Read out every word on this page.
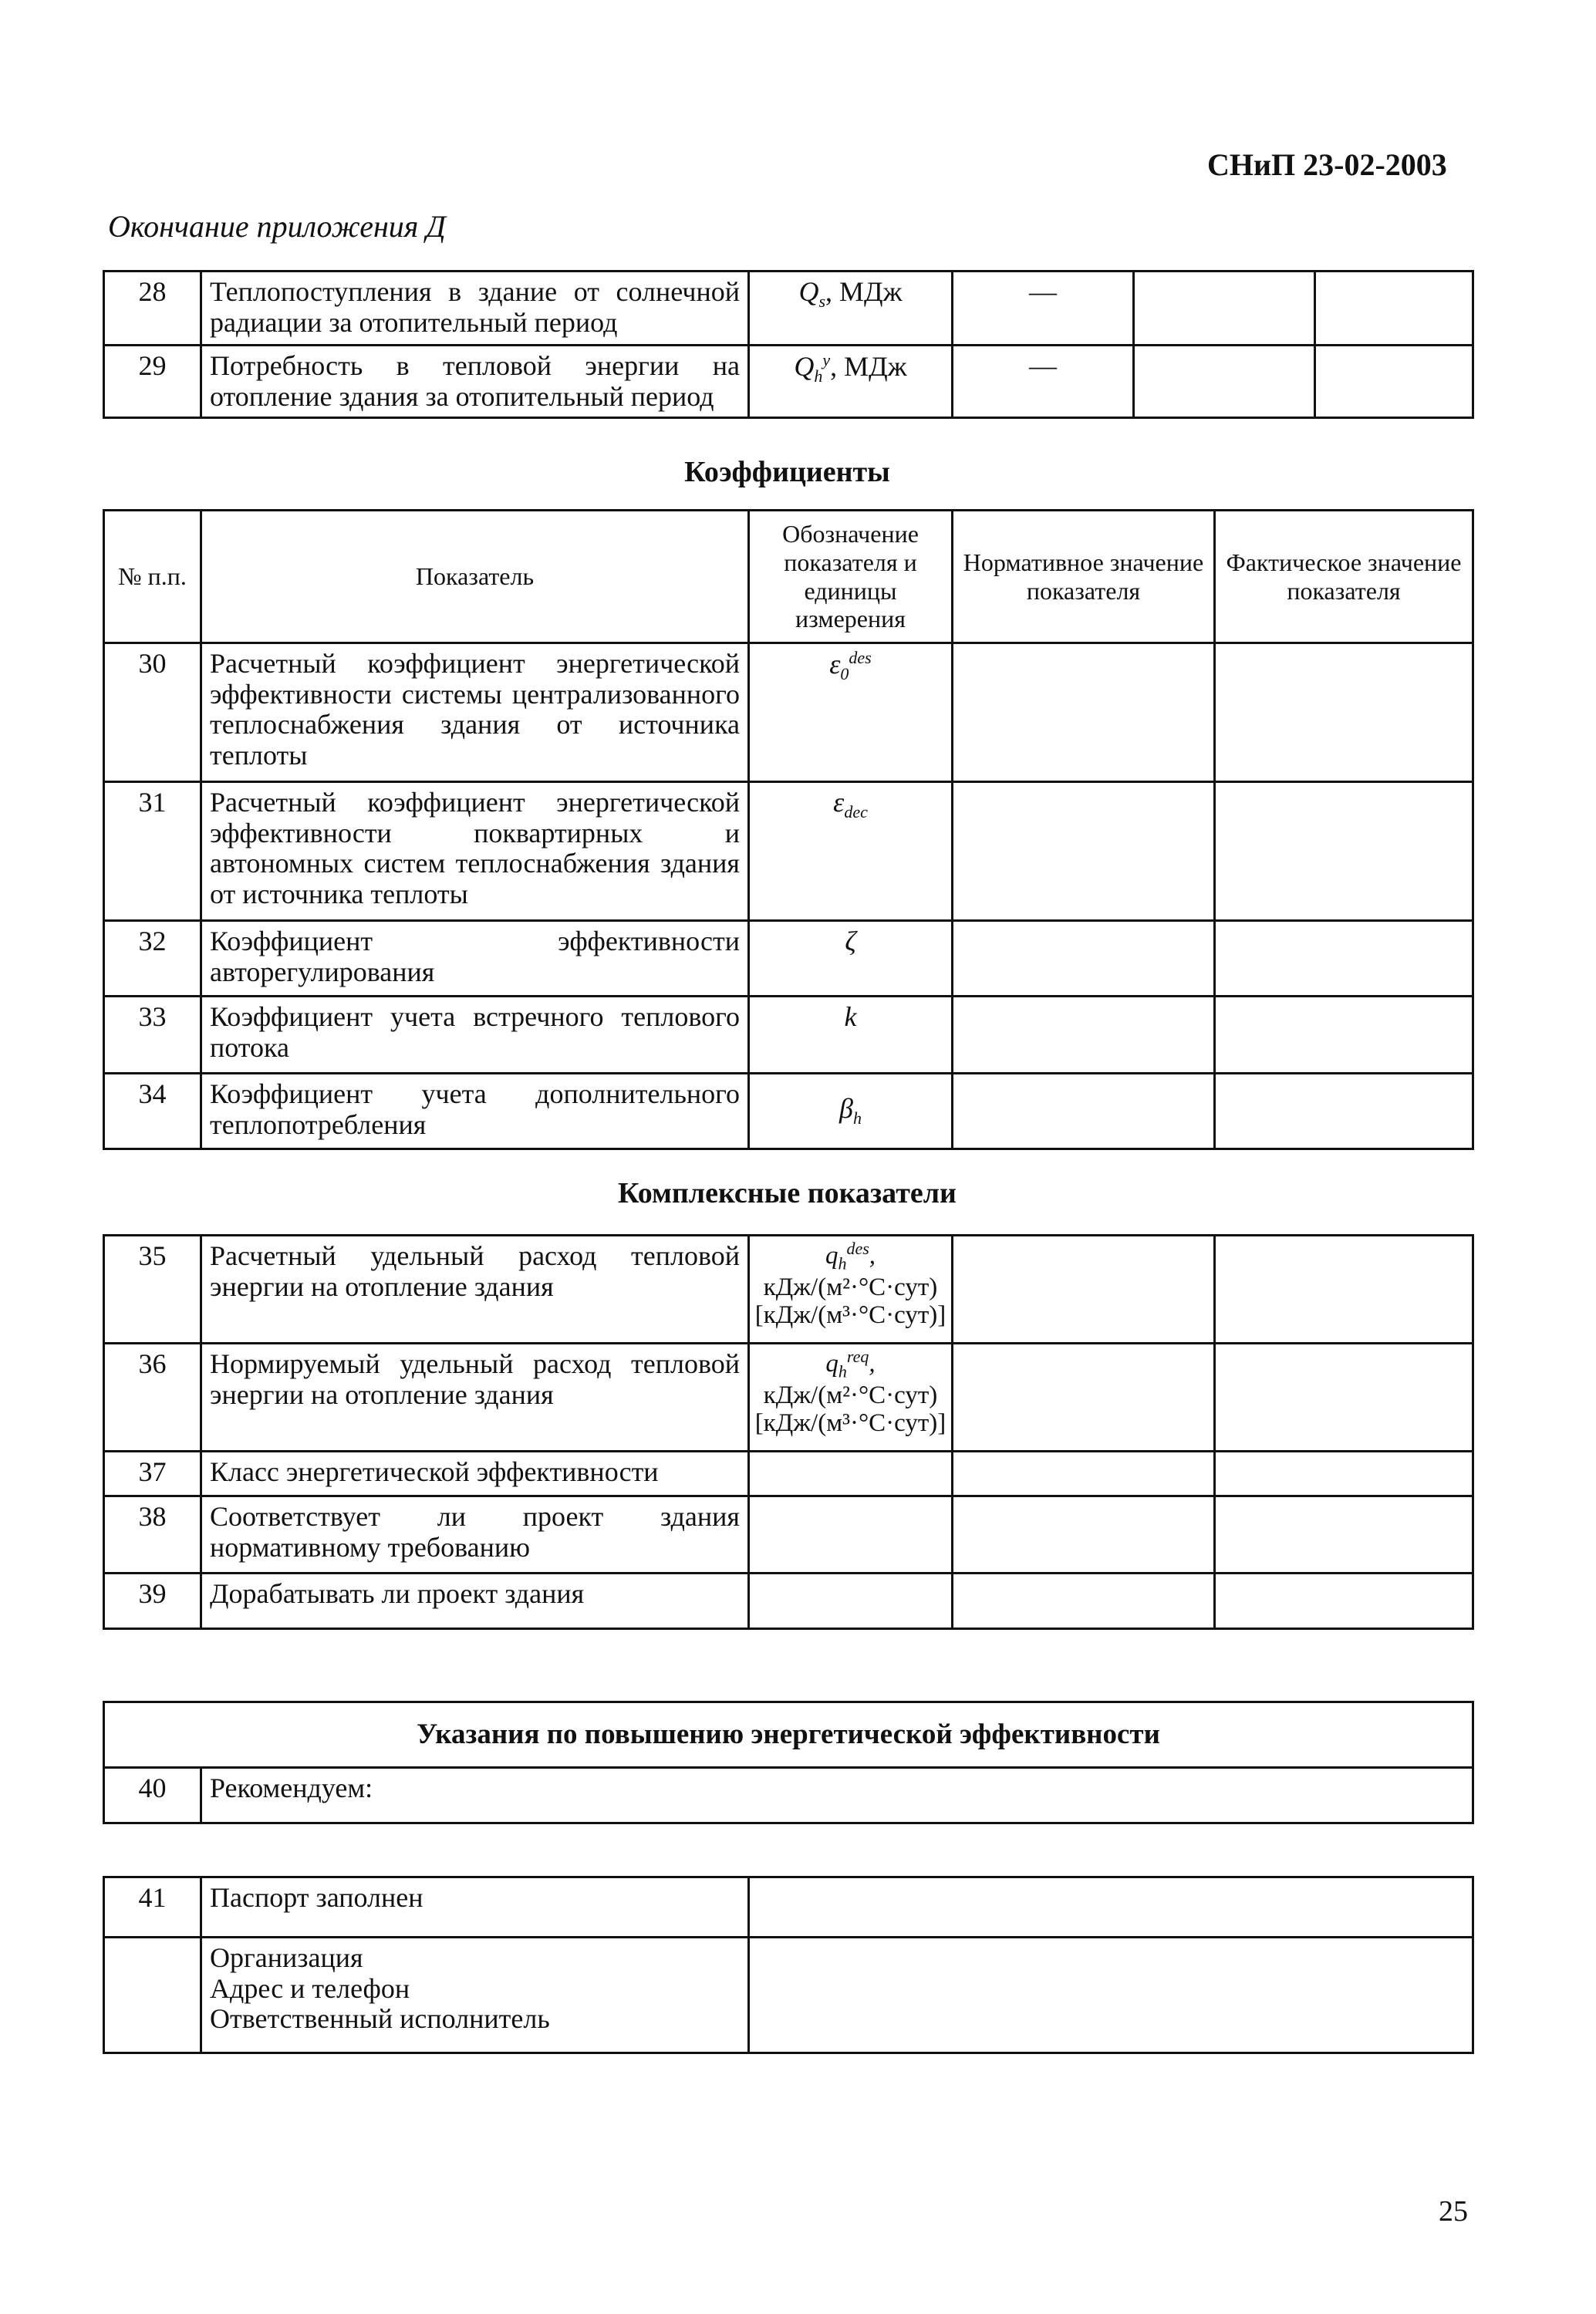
СНиП 23-02-2003
Окончание приложения Д
28	Теплопоступления в здание от солнечной радиации за отопительный период	$Q_s$, МДж	—		
29	Потребность в тепловой энергии на отопление здания за отопительный период	$Q_h^y$, МДж	—		
Коэффициенты
№ п.п.	Показатель	Обозначение показателя и единицы измерения	Нормативное значение показателя	Фактическое значение показателя
30	Расчетный коэффициент энергетической эффективности системы централизованного теплоснабжения здания от источника теплоты	$\varepsilon_0^{des}$		
31	Расчетный коэффициент энергетической эффективности поквартирных и автономных систем теплоснабжения здания от источника теплоты	$\varepsilon_{dec}$		
32	Коэффициент эффективности авторегулирования	ζ		
33	Коэффициент учета встречного теплового потока	k		
34	Коэффициент учета дополнительного теплопотребления	$\beta_h$		
Комплексные показатели
35	Расчетный удельный расход тепловой энергии на отопление здания	$q_h^{des}$,
кДж/(м²·°С·сут)
[кДж/(м³·°С·сут)]		
36	Нормируемый удельный расход тепловой энергии на отопление здания	$q_h^{req}$,
кДж/(м²·°С·сут)
[кДж/(м³·°С·сут)]		
37	Класс энергетической эффективности			
38	Соответствует ли проект здания нормативному требованию			
39	Дорабатывать ли проект здания			
Указания по повышению энергетической эффективности
40	Рекомендуем:
41	Паспорт заполнен	

	Организация
Адрес и телефон
Ответственный исполнитель	

25
